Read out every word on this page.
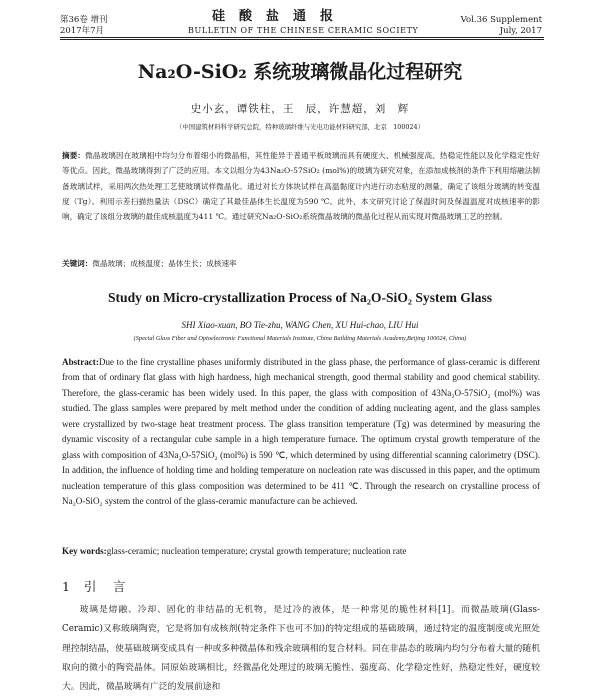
第36卷 增刊
2017年7月
硅酸盐通报
BULLETIN OF THE CHINESE CERAMIC SOCIETY
Vol.36 Supplement
July, 2017
Na₂O-SiO₂ 系统玻璃微晶化过程研究
史小玄，谭铁柱，王　辰，许慧超，刘　辉
（中国建筑材料科学研究总院，特种玻璃纤维与光电功能材料研究部，北京　100024）
摘要：微晶玻璃因在玻璃相中均匀分布着细小的微晶相，其性能异于普通平板玻璃而具有硬度大、机械强度高、热稳定性能以及化学稳定性好等优点。因此，微晶玻璃得到了广泛的应用。本文以组分为43Na₂O-57SiO₂ (mol%)的玻璃为研究对象，在添加成核剂的条件下利用熔融法制备玻璃试样，采用两次热处理工艺使玻璃试样微晶化。通过对长方体块试样在高温黏度计内进行动态粘度的测量，确定了该组分玻璃的转变温度（Tg）。利用示差扫描热量法（DSC）确定了其最佳晶体生长温度为590 ℃。此外，本文研究讨论了保温时间及保温温度对成核速率的影响，确定了该组分玻璃的最佳成核温度为411 ℃。通过研究Na₂O-SiO₂系统微晶玻璃的微晶化过程从而实现对微晶玻璃工艺的控制。
关键词：微晶玻璃；成核温度；晶体生长；成核速率
Study on Micro-crystallization Process of Na₂O-SiO₂ System Glass
SHI Xiao-xuan, BO Tie-zhu, WANG Chen, XU Hui-chao, LIU Hui
(Special Glass Fiber and Optoelectronic Functional Materials Institute, China Building Materials Academy,Beijing 100024, China)
Abstract:Due to the fine crystalline phases uniformly distributed in the glass phase, the performance of glass-ceramic is different from that of ordinary flat glass with high hardness, high mechanical strength, good thermal stability and good chemical stability. Therefore, the glass-ceramic has been widely used. In this paper, the glass with composition of 43Na₂O-57SiO₂ (mol%) was studied. The glass samples were prepared by melt method under the condition of adding nucleating agent, and the glass samples were crystallized by two-stage heat treatment process. The glass transition temperature (Tg) was determined by measuring the dynamic viscosity of a rectangular cube sample in a high temperature furnace. The optimum crystal growth temperature of the glass with composition of 43Na₂O-57SiO₂ (mol%) is 590 ℃, which determined by using differential scanning calorimetry (DSC). In addition, the influence of holding time and holding temperature on nucleation rate was discussed in this paper, and the optimum nucleation temperature of this glass composition was determined to be 411 ℃. Through the research on crystalline process of Na₂O-SiO₂ system the control of the glass-ceramic manufacture can be achieved.
Key words:glass-ceramic; nucleation temperature; crystal growth temperature; nucleation rate
1 引　言
玻璃是熔融、冷却、固化的非结晶的无机物，是过冷的液体，是一种常见的脆性材料[1]。而微晶玻璃(Glass-Ceramic)又称玻璃陶瓷，它是将加有成核剂(特定条件下也可不加)的特定组成的基础玻璃，通过特定的温度制度或光照处理控制结晶，使基础玻璃变成具有一种或多种微晶体和残余玻璃相的复合材料。同在非晶态的玻璃内均匀分布着大量的随机取向的微小的陶瓷晶体。同原始玻璃相比，经微晶化处理过的玻璃无脆性、强度高、化学稳定性好，热稳定性好，硬度较大。因此，微晶玻璃有广泛的发展前途和
